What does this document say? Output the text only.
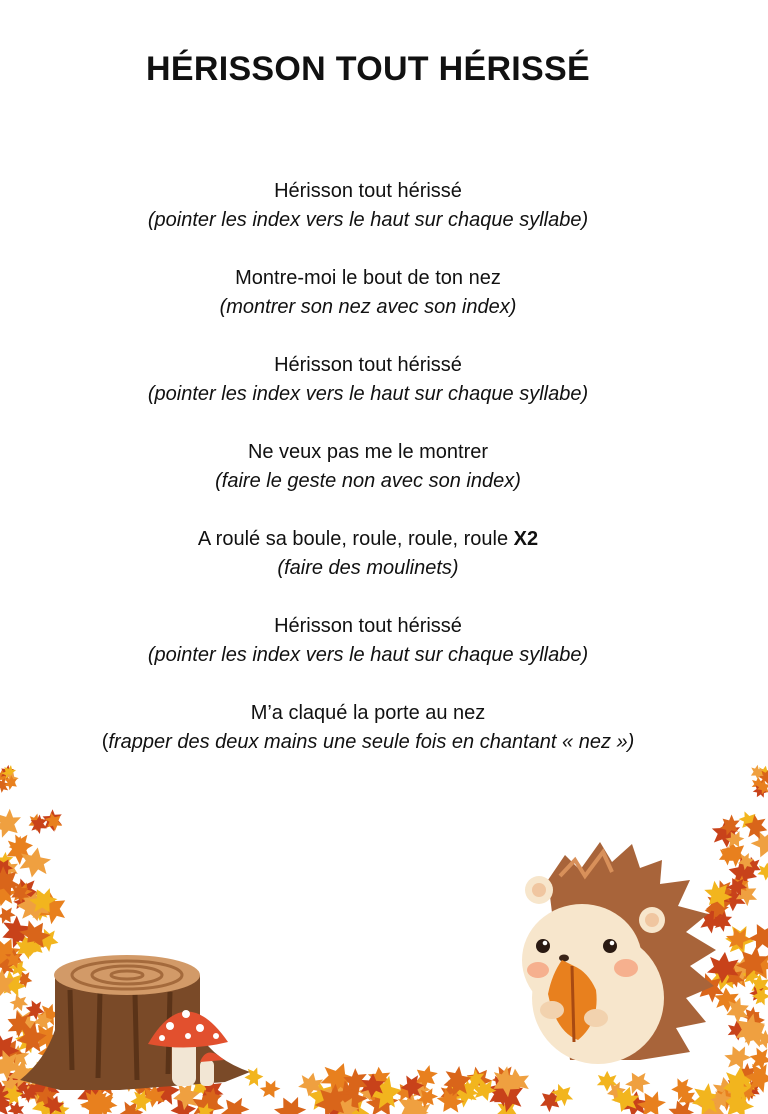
HÉRISSON TOUT HÉRISSÉ
Hérisson tout hérissé
(pointer les index vers le haut sur chaque syllabe)
Montre-moi le bout de ton nez
(montrer son nez avec son index)
Hérisson tout hérissé
(pointer les index vers le haut sur chaque syllabe)
Ne veux pas me le montrer
(faire le geste non avec son index)
A roulé sa boule, roule, roule, roule X2
(faire des moulinets)
Hérisson tout hérissé
(pointer les index vers le haut sur chaque syllabe)
M’a claqué la porte au nez
(frapper des deux mains une seule fois en chantant « nez »)
